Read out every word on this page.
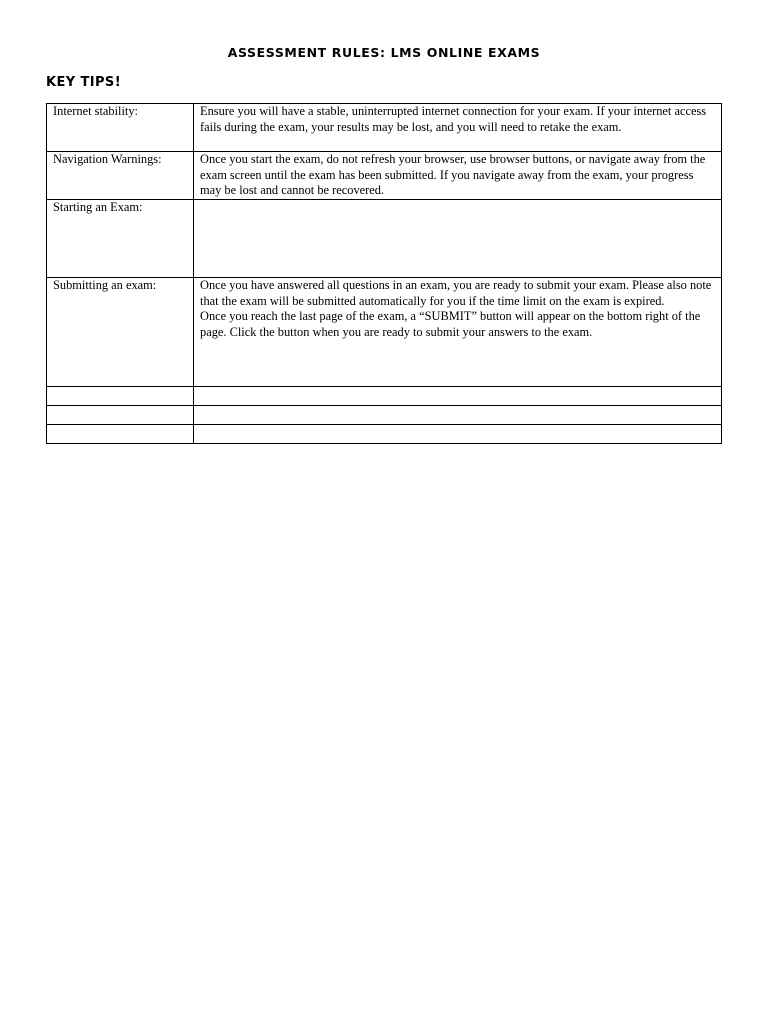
ASSESSMENT RULES: LMS ONLINE EXAMS
KEY TIPS!
Internet stability:	Ensure you will have a stable, uninterrupted internet connection for your exam. If your internet access fails during the exam, your results may be lost, and you will need to retake the exam.
Navigation Warnings:	Once you start the exam, do not refresh your browser, use browser buttons, or navigate away from the exam screen until the exam has been submitted. If you navigate away from the exam, your progress may be lost and cannot be recovered.
Starting an Exam:	
Submitting an exam:	Once you have answered all questions in an exam, you are ready to submit your exam. Please also note that the exam will be submitted automatically for you if the time limit on the exam is expired.
Once you reach the last page of the exam, a “SUBMIT” button will appear on the bottom right of the page. Click the button when you are ready to submit your answers to the exam.
